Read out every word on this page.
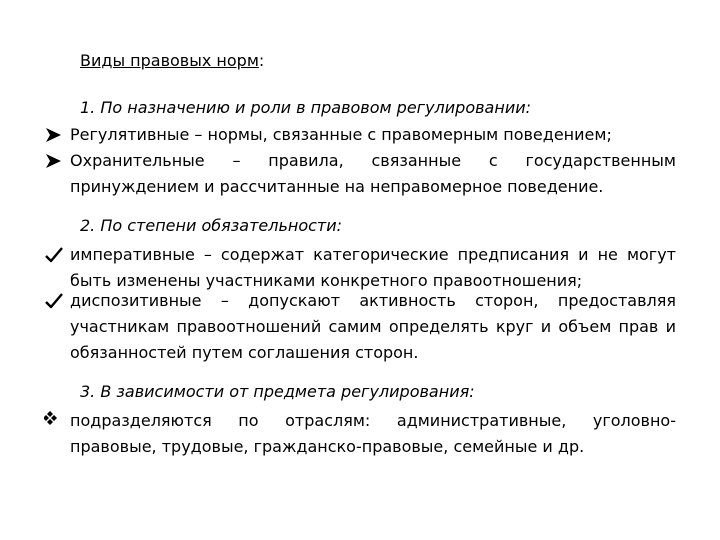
Виды правовых норм:
1. По назначению и роли в правовом регулировании:
Регулятивные – нормы, связанные с правомерным поведением;
Охранительные – правила, связанные с государственным принуждением и рассчитанные на неправомерное поведение.
2. По степени обязательности:
императивные – содержат категорические предписания и не могут быть изменены участниками конкретного правоотношения;
диспозитивные – допускают активность сторон, предоставляя участникам правоотношений самим определять круг и объем прав и обязанностей путем соглашения сторон.
3. В зависимости от предмета регулирования:
подразделяются по отраслям: административные, уголовно-правовые, трудовые, гражданско-правовые, семейные и др.
